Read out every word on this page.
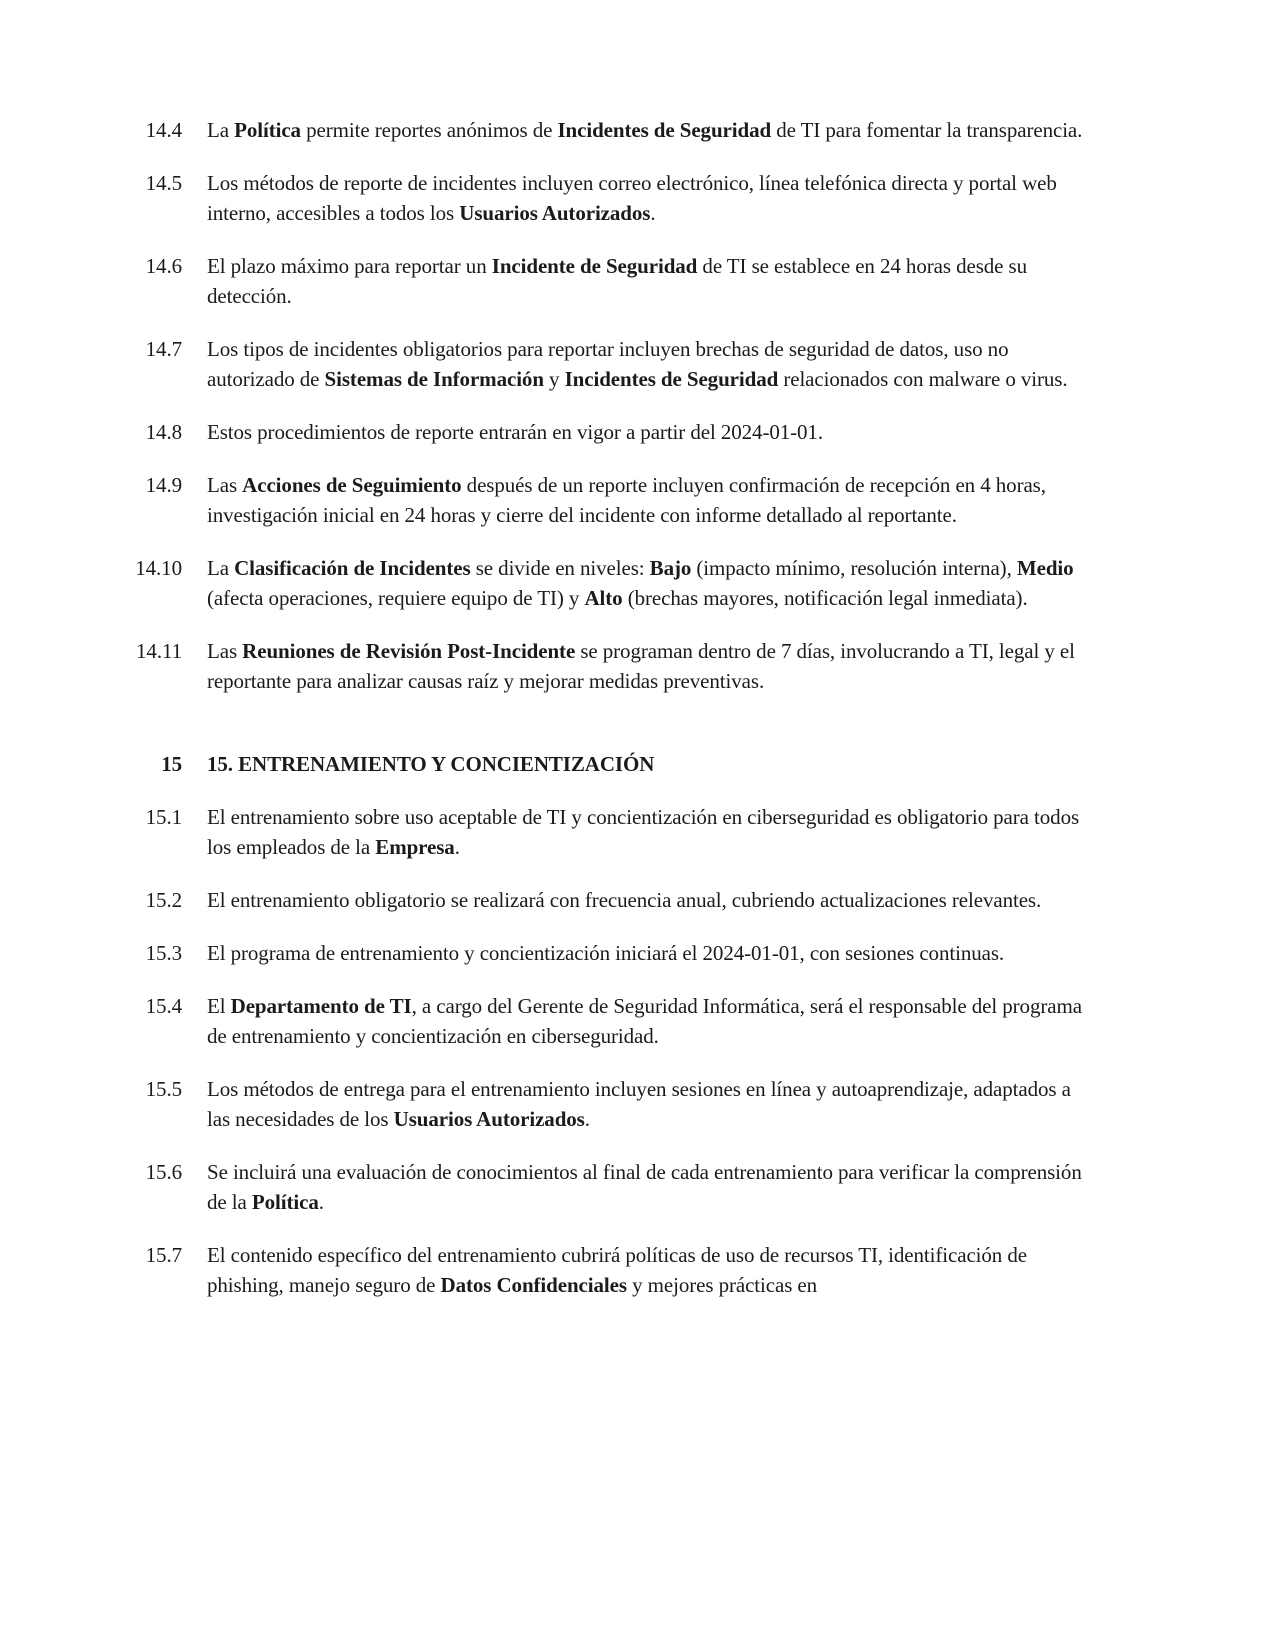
14.4 La Política permite reportes anónimos de Incidentes de Seguridad de TI para fomentar la transparencia.
14.5 Los métodos de reporte de incidentes incluyen correo electrónico, línea telefónica directa y portal web interno, accesibles a todos los Usuarios Autorizados.
14.6 El plazo máximo para reportar un Incidente de Seguridad de TI se establece en 24 horas desde su detección.
14.7 Los tipos de incidentes obligatorios para reportar incluyen brechas de seguridad de datos, uso no autorizado de Sistemas de Información y Incidentes de Seguridad relacionados con malware o virus.
14.8 Estos procedimientos de reporte entrarán en vigor a partir del 2024-01-01.
14.9 Las Acciones de Seguimiento después de un reporte incluyen confirmación de recepción en 4 horas, investigación inicial en 24 horas y cierre del incidente con informe detallado al reportante.
14.10 La Clasificación de Incidentes se divide en niveles: Bajo (impacto mínimo, resolución interna), Medio (afecta operaciones, requiere equipo de TI) y Alto (brechas mayores, notificación legal inmediata).
14.11 Las Reuniones de Revisión Post-Incidente se programan dentro de 7 días, involucrando a TI, legal y el reportante para analizar causas raíz y mejorar medidas preventivas.
15 15. ENTRENAMIENTO Y CONCIENTIZACIÓN
15.1 El entrenamiento sobre uso aceptable de TI y concientización en ciberseguridad es obligatorio para todos los empleados de la Empresa.
15.2 El entrenamiento obligatorio se realizará con frecuencia anual, cubriendo actualizaciones relevantes.
15.3 El programa de entrenamiento y concientización iniciará el 2024-01-01, con sesiones continuas.
15.4 El Departamento de TI, a cargo del Gerente de Seguridad Informática, será el responsable del programa de entrenamiento y concientización en ciberseguridad.
15.5 Los métodos de entrega para el entrenamiento incluyen sesiones en línea y autoaprendizaje, adaptados a las necesidades de los Usuarios Autorizados.
15.6 Se incluirá una evaluación de conocimientos al final de cada entrenamiento para verificar la comprensión de la Política.
15.7 El contenido específico del entrenamiento cubrirá políticas de uso de recursos TI, identificación de phishing, manejo seguro de Datos Confidenciales y mejores prácticas en
